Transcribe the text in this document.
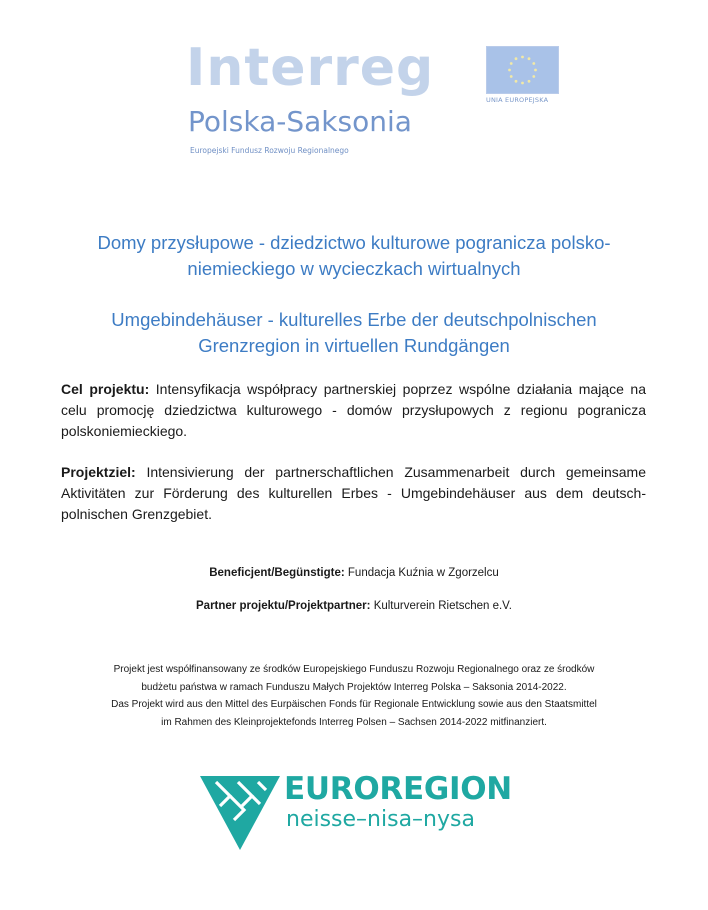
Interreg
Polska-Saksonia
Europejski Fundusz Rozwoju Regionalnego
UNIA EUROPEJSKA
Domy przysłupowe - dziedzictwo kulturowe pogranicza polsko-
niemieckiego w wycieczkach wirtualnych
Umgebindehäuser - kulturelles Erbe der deutschpolnischen
Grenzregion in virtuellen Rundgängen
Cel projektu: Intensyfikacja współpracy partnerskiej poprzez wspólne działania mające na celu promocję dziedzictwa kulturowego - domów przysłupowych z regionu pogranicza polskoniemieckiego.
Projektziel: Intensivierung der partnerschaftlichen Zusammenarbeit durch gemeinsame Aktivitäten zur Förderung des kulturellen Erbes - Umgebindehäuser aus dem deutsch-polnischen Grenzgebiet.
Beneficjent/Begünstigte: Fundacja Kuźnia w Zgorzelcu
Partner projektu/Projektpartner: Kulturverein Rietschen e.V.
Projekt jest współfinansowany ze środków Europejskiego Funduszu Rozwoju Regionalnego oraz ze środków
budżetu państwa w ramach Funduszu Małych Projektów Interreg Polska – Saksonia 2014-2022.
Das Projekt wird aus den Mittel des Eurpäischen Fonds für Regionale Entwicklung sowie aus den Staatsmittel
im Rahmen des Kleinprojektefonds Interreg Polsen – Sachsen 2014-2022 mitfinanziert.
EUROREGION
neisse–nisa–nysa
